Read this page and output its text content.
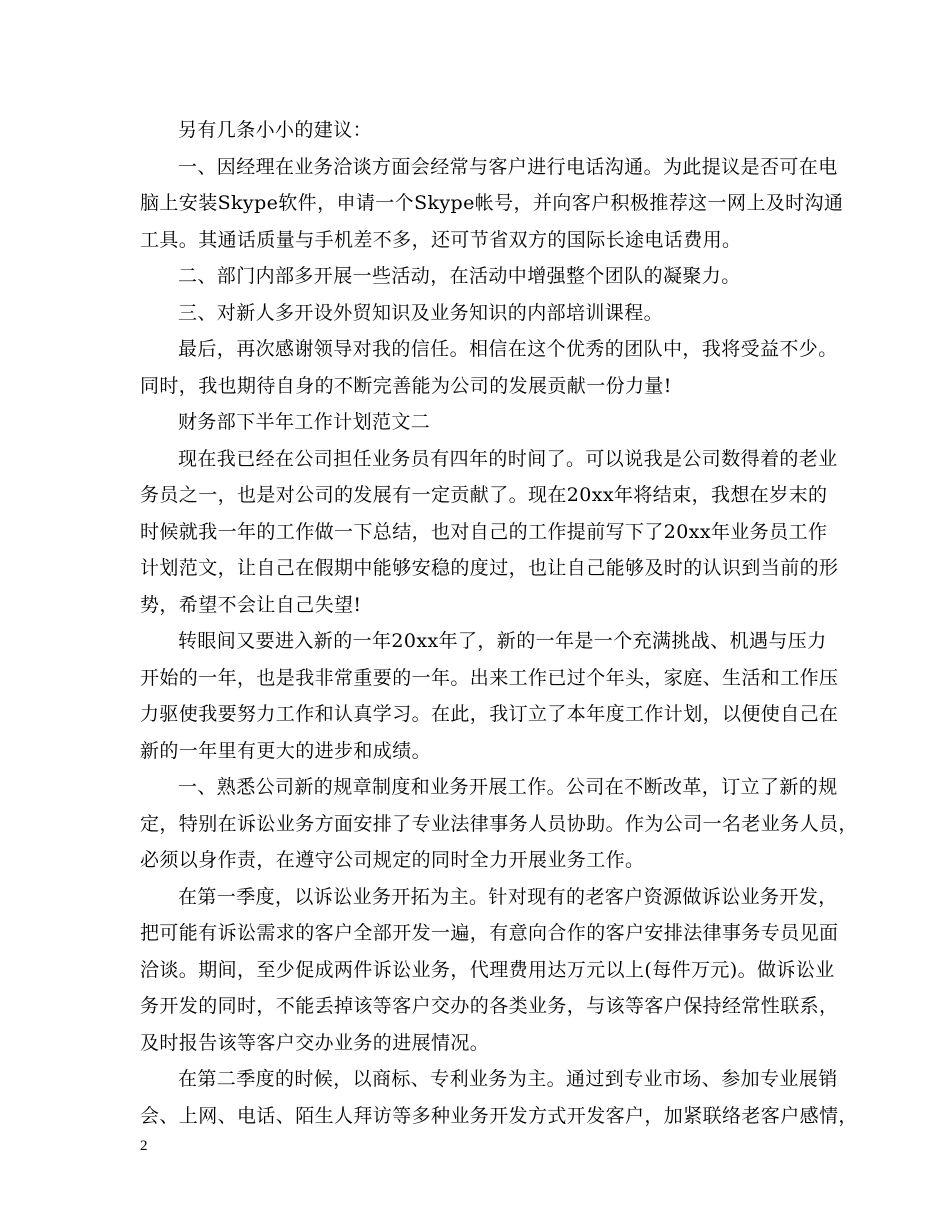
另有几条小小的建议：

一、因经理在业务洽谈方面会经常与客户进行电话沟通。为此提议是否可在电

脑上安装Skype软件，申请一个Skype帐号，并向客户积极推荐这一网上及时沟通

工具。其通话质量与手机差不多，还可节省双方的国际长途电话费用。

二、部门内部多开展一些活动，在活动中增强整个团队的凝聚力。

三、对新人多开设外贸知识及业务知识的内部培训课程。

最后，再次感谢领导对我的信任。相信在这个优秀的团队中，我将受益不少。

同时，我也期待自身的不断完善能为公司的发展贡献一份力量!

财务部下半年工作计划范文二

现在我已经在公司担任业务员有四年的时间了。可以说我是公司数得着的老业

务员之一，也是对公司的发展有一定贡献了。现在20xx年将结束，我想在岁末的

时候就我一年的工作做一下总结，也对自己的工作提前写下了20xx年业务员工作

计划范文，让自己在假期中能够安稳的度过，也让自己能够及时的认识到当前的形

势，希望不会让自己失望!

转眼间又要进入新的一年20xx年了，新的一年是一个充满挑战、机遇与压力

开始的一年，也是我非常重要的一年。出来工作已过个年头，家庭、生活和工作压

力驱使我要努力工作和认真学习。在此，我订立了本年度工作计划，以便使自己在

新的一年里有更大的进步和成绩。

一、熟悉公司新的规章制度和业务开展工作。公司在不断改革，订立了新的规

定，特别在诉讼业务方面安排了专业法律事务人员协助。作为公司一名老业务人员，

必须以身作责，在遵守公司规定的同时全力开展业务工作。

在第一季度，以诉讼业务开拓为主。针对现有的老客户资源做诉讼业务开发，

把可能有诉讼需求的客户全部开发一遍，有意向合作的客户安排法律事务专员见面

洽谈。期间，至少促成两件诉讼业务，代理费用达万元以上(每件万元)。做诉讼业

务开发的同时，不能丢掉该等客户交办的各类业务，与该等客户保持经常性联系，

及时报告该等客户交办业务的进展情况。

在第二季度的时候，以商标、专利业务为主。通过到专业市场、参加专业展销

会、上网、电话、陌生人拜访等多种业务开发方式开发客户，加紧联络老客户感情，

2
